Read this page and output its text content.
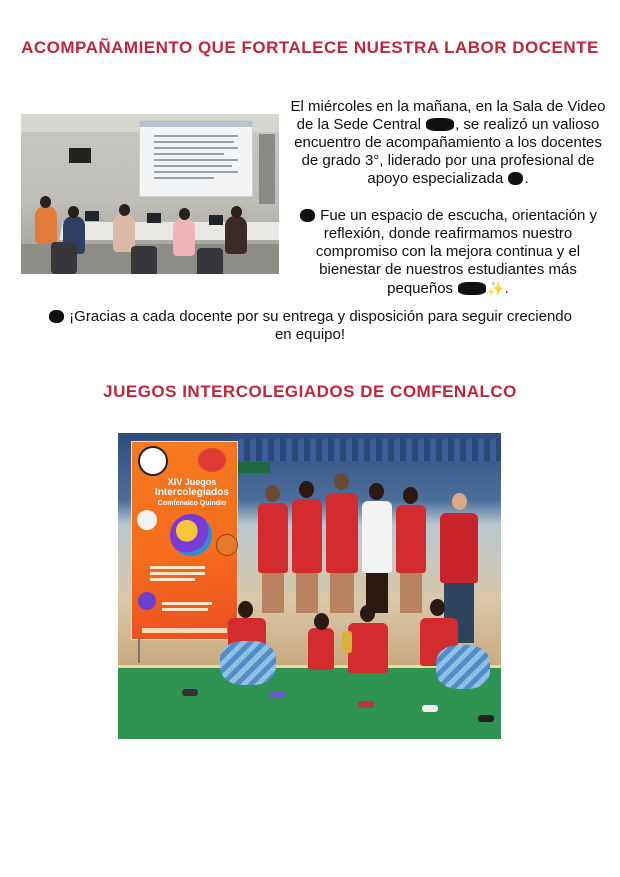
ACOMPAÑAMIENTO QUE FORTALECE NUESTRA LABOR DOCENTE

El miércoles en la mañana, en la Sala de Video de la Sede Central , se realizó un valioso encuentro de acompañamiento a los docentes de grado 3°, liderado por una profesional de apoyo especializada .

Fue un espacio de escucha, orientación y reflexión, donde reafirmamos nuestro compromiso con la mejora continua y el bienestar de nuestros estudiantes más pequeños ✨.

¡Gracias a cada docente por su entrega y disposición para seguir creciendo en equipo!

JUEGOS INTERCOLEGIADOS DE COMFENALCO
XIV Juegos
Intercolegiados
Comfenalco Quindío
